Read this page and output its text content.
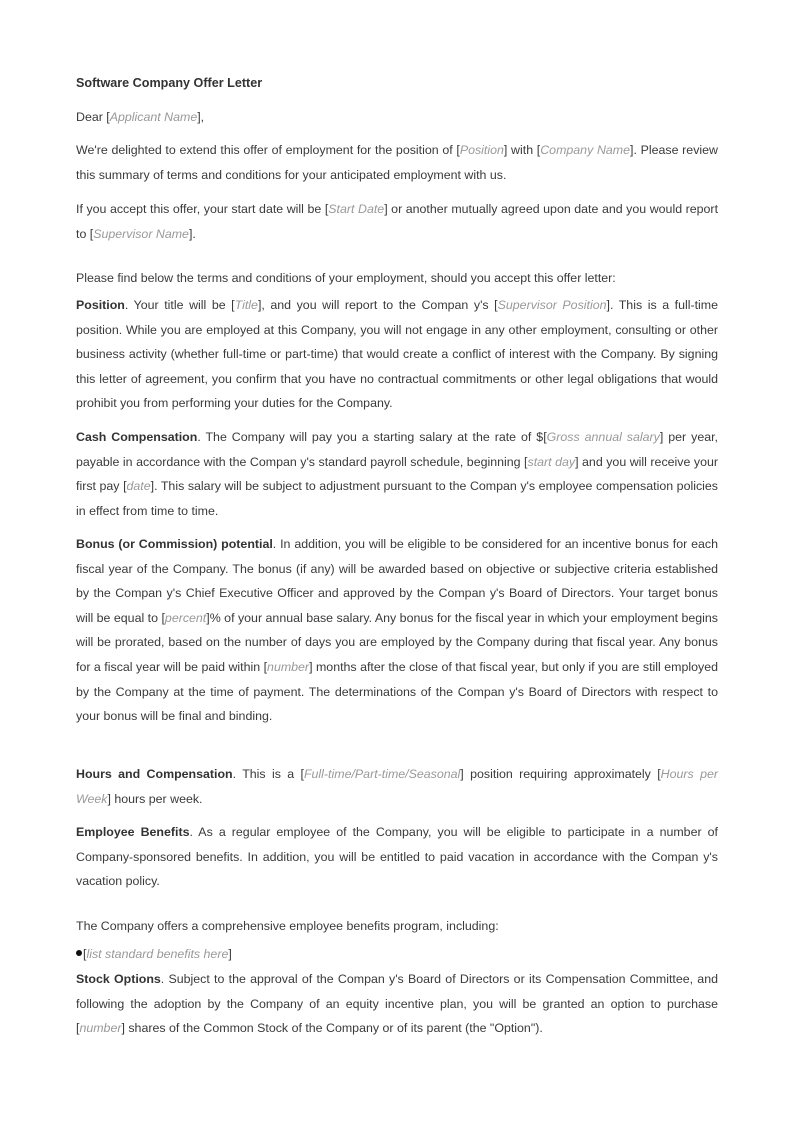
Software Company Offer Letter
Dear [Applicant Name],
We're delighted to extend this offer of employment for the position of [Position] with [Company Name]. Please review this summary of terms and conditions for your anticipated employment with us.
If you accept this offer, your start date will be [Start Date] or another mutually agreed upon date and you would report to [Supervisor Name].
Please find below the terms and conditions of your employment, should you accept this offer letter:
Position. Your title will be [Title], and you will report to the Compan y's [Supervisor Position]. This is a full-time position. While you are employed at this Company, you will not engage in any other employment, consulting or other business activity (whether full-time or part-time) that would create a conflict of interest with the Company. By signing this letter of agreement, you confirm that you have no contractual commitments or other legal obligations that would prohibit you from performing your duties for the Company.
Cash Compensation. The Company will pay you a starting salary at the rate of $[Gross annual salary] per year, payable in accordance with the Compan y's standard payroll schedule, beginning [start day] and you will receive your first pay [date]. This salary will be subject to adjustment pursuant to the Compan y's employee compensation policies in effect from time to time.
Bonus (or Commission) potential. In addition, you will be eligible to be considered for an incentive bonus for each fiscal year of the Company. The bonus (if any) will be awarded based on objective or subjective criteria established by the Compan y's Chief Executive Officer and approved by the Compan y's Board of Directors. Your target bonus will be equal to [percent]% of your annual base salary. Any bonus for the fiscal year in which your employment begins will be prorated, based on the number of days you are employed by the Company during that fiscal year. Any bonus for a fiscal year will be paid within [number] months after the close of that fiscal year, but only if you are still employed by the Company at the time of payment. The determinations of the Compan y's Board of Directors with respect to your bonus will be final and binding.
Hours and Compensation. This is a [Full-time/Part-time/Seasonal] position requiring approximately [Hours per Week] hours per week.
Employee Benefits. As a regular employee of the Company, you will be eligible to participate in a number of Company-sponsored benefits. In addition, you will be entitled to paid vacation in accordance with the Compan y's vacation policy.
The Company offers a comprehensive employee benefits program, including:
[list standard benefits here]
Stock Options. Subject to the approval of the Compan y's Board of Directors or its Compensation Committee, and following the adoption by the Company of an equity incentive plan, you will be granted an option to purchase [number] shares of the Common Stock of the Company or of its parent (the "Option").
